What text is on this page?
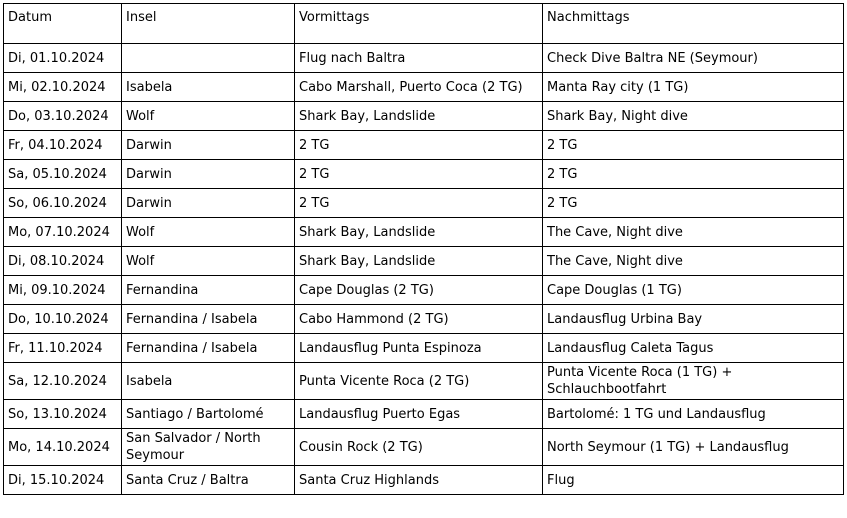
Datum	Insel	Vormittags	Nachmittags
Di, 01.10.2024		Flug nach Baltra	Check Dive Baltra NE (Seymour)
Mi, 02.10.2024	Isabela	Cabo Marshall, Puerto Coca (2 TG)	Manta Ray city (1 TG)
Do, 03.10.2024	Wolf	Shark Bay, Landslide	Shark Bay, Night dive
Fr, 04.10.2024	Darwin	2 TG	2 TG
Sa, 05.10.2024	Darwin	2 TG	2 TG
So, 06.10.2024	Darwin	2 TG	2 TG
Mo, 07.10.2024	Wolf	Shark Bay, Landslide	The Cave, Night dive
Di, 08.10.2024	Wolf	Shark Bay, Landslide	The Cave, Night dive
Mi, 09.10.2024	Fernandina	Cape Douglas (2 TG)	Cape Douglas (1 TG)
Do, 10.10.2024	Fernandina / Isabela	Cabo Hammond (2 TG)	Landausflug Urbina Bay
Fr, 11.10.2024	Fernandina / Isabela	Landausflug Punta Espinoza	Landausflug Caleta Tagus
Sa, 12.10.2024	Isabela	Punta Vicente Roca (2 TG)	Punta Vicente Roca (1 TG) + Schlauchbootfahrt
So, 13.10.2024	Santiago / Bartolomé	Landausflug Puerto Egas	Bartolomé: 1 TG und Landausflug
Mo, 14.10.2024	San Salvador / North Seymour	Cousin Rock (2 TG)	North Seymour (1 TG) + Landausflug
Di, 15.10.2024	Santa Cruz / Baltra	Santa Cruz Highlands	Flug
